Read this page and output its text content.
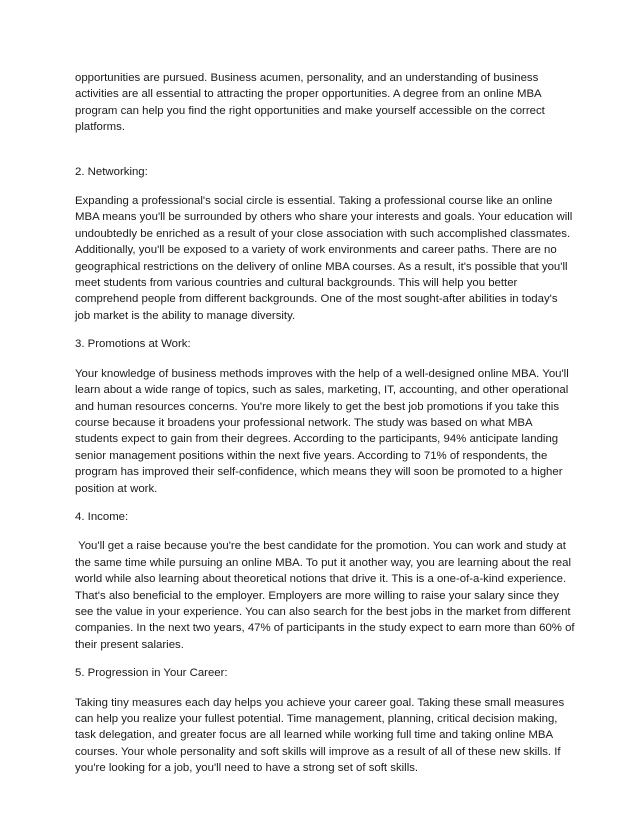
opportunities are pursued. Business acumen, personality, and an understanding of business activities are all essential to attracting the proper opportunities. A degree from an online MBA program can help you find the right opportunities and make yourself accessible on the correct platforms.

2. Networking:

Expanding a professional's social circle is essential. Taking a professional course like an online MBA means you'll be surrounded by others who share your interests and goals. Your education will undoubtedly be enriched as a result of your close association with such accomplished classmates. Additionally, you'll be exposed to a variety of work environments and career paths. There are no geographical restrictions on the delivery of online MBA courses. As a result, it's possible that you'll meet students from various countries and cultural backgrounds. This will help you better comprehend people from different backgrounds. One of the most sought-after abilities in today's job market is the ability to manage diversity.

3. Promotions at Work:

Your knowledge of business methods improves with the help of a well-designed online MBA. You'll learn about a wide range of topics, such as sales, marketing, IT, accounting, and other operational and human resources concerns. You're more likely to get the best job promotions if you take this course because it broadens your professional network. The study was based on what MBA students expect to gain from their degrees. According to the participants, 94% anticipate landing senior management positions within the next five years. According to 71% of respondents, the program has improved their self-confidence, which means they will soon be promoted to a higher position at work.

4. Income:

You'll get a raise because you're the best candidate for the promotion. You can work and study at the same time while pursuing an online MBA. To put it another way, you are learning about the real world while also learning about theoretical notions that drive it. This is a one-of-a-kind experience.

That's also beneficial to the employer. Employers are more willing to raise your salary since they see the value in your experience. You can also search for the best jobs in the market from different companies. In the next two years, 47% of participants in the study expect to earn more than 60% of their present salaries.

5. Progression in Your Career:

Taking tiny measures each day helps you achieve your career goal. Taking these small measures can help you realize your fullest potential. Time management, planning, critical decision making, task delegation, and greater focus are all learned while working full time and taking online MBA courses. Your whole personality and soft skills will improve as a result of all of these new skills. If you're looking for a job, you'll need to have a strong set of soft skills.
